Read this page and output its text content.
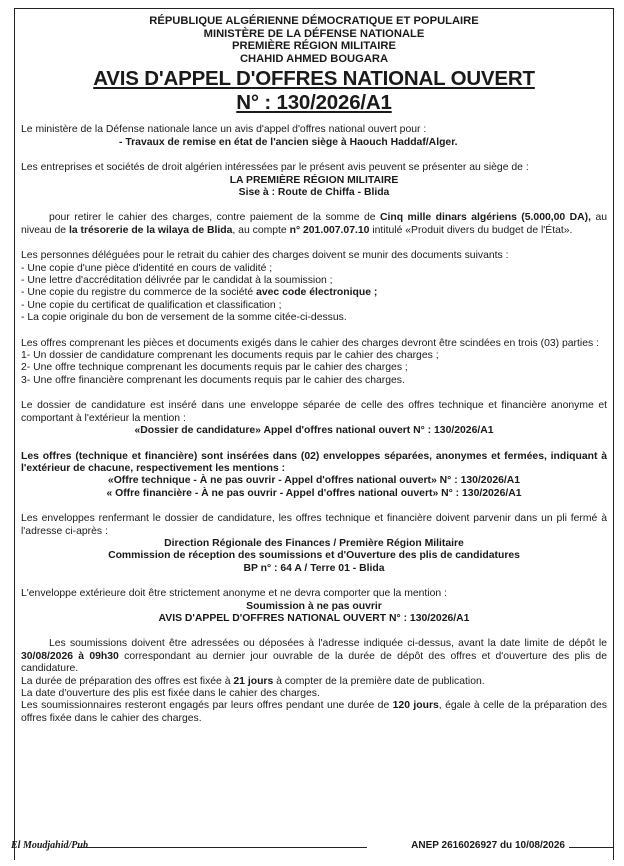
RÉPUBLIQUE ALGÉRIENNE DÉMOCRATIQUE ET POPULAIRE
MINISTÈRE DE LA DÉFENSE NATIONALE
PREMIÈRE RÉGION MILITAIRE
CHAHID AHMED BOUGARA
AVIS D'APPEL D'OFFRES NATIONAL OUVERT
N° : 130/2026/A1

Le ministère de la Défense nationale lance un avis d'appel d'offres national ouvert pour :

- Travaux de remise en état de l'ancien siège à Haouch Haddaf/Alger.

Les entreprises et sociétés de droit algérien intéressées par le présent avis peuvent se présenter au siège de :

LA PREMIÈRE RÉGION MILITAIRE

Sise à : Route de Chiffa - Blida

pour retirer le cahier des charges, contre paiement de la somme de Cinq mille dinars algériens (5.000,00 DA), au niveau de la trésorerie de la wilaya de Blida, au compte n° 201.007.07.10 intitulé «Produit divers du budget de l'État».

Les personnes déléguées pour le retrait du cahier des charges doivent se munir des documents suivants :

- Une copie d'une pièce d'identité en cours de validité ;

- Une lettre d'accréditation délivrée par le candidat à la soumission ;

- Une copie du registre du commerce de la société avec code électronique ;

- Une copie du certificat de qualification et classification ;

- La copie originale du bon de versement de la somme citée-ci-dessus.

Les offres comprenant les pièces et documents exigés dans le cahier des charges devront être scindées en trois (03) parties :

1- Un dossier de candidature comprenant les documents requis par le cahier des charges ;

2- Une offre technique comprenant les documents requis par le cahier des charges ;

3- Une offre financière comprenant les documents requis par le cahier des charges.

Le dossier de candidature est inséré dans une enveloppe séparée de celle des offres technique et financière anonyme et comportant à l'extérieur la mention :

«Dossier de candidature» Appel d'offres national ouvert N° : 130/2026/A1

Les offres (technique et financière) sont insérées dans (02) enveloppes séparées, anonymes et fermées, indiquant à l'extérieur de chacune, respectivement les mentions :

«Offre technique - À ne pas ouvrir - Appel d'offres national ouvert» N° : 130/2026/A1

« Offre financière - À ne pas ouvrir - Appel d'offres national ouvert» N° : 130/2026/A1

Les enveloppes renfermant le dossier de candidature, les offres technique et financière doivent parvenir dans un pli fermé à l'adresse ci-après :

Direction Régionale des Finances / Première Région Militaire

Commission de réception des soumissions et d'Ouverture des plis de candidatures

BP n° : 64 A / Terre 01 - Blida

L'enveloppe extérieure doit être strictement anonyme et ne devra comporter que la mention :

Soumission à ne pas ouvrir

AVIS D'APPEL D'OFFRES NATIONAL OUVERT N° : 130/2026/A1

Les soumissions doivent être adressées ou déposées à l'adresse indiquée ci-dessus, avant la date limite de dépôt le 30/08/2026 à 09h30 correspondant au dernier jour ouvrable de la durée de dépôt des offres et d'ouverture des plis de candidature.

La durée de préparation des offres est fixée à 21 jours à compter de la première date de publication.

La date d'ouverture des plis est fixée dans le cahier des charges.

Les soumissionnaires resteront engagés par leurs offres pendant une durée de 120 jours, égale à celle de la préparation des offres fixée dans le cahier des charges.

El Moudjahid/Pub	ANEP 2616026927 du 10/08/2026
